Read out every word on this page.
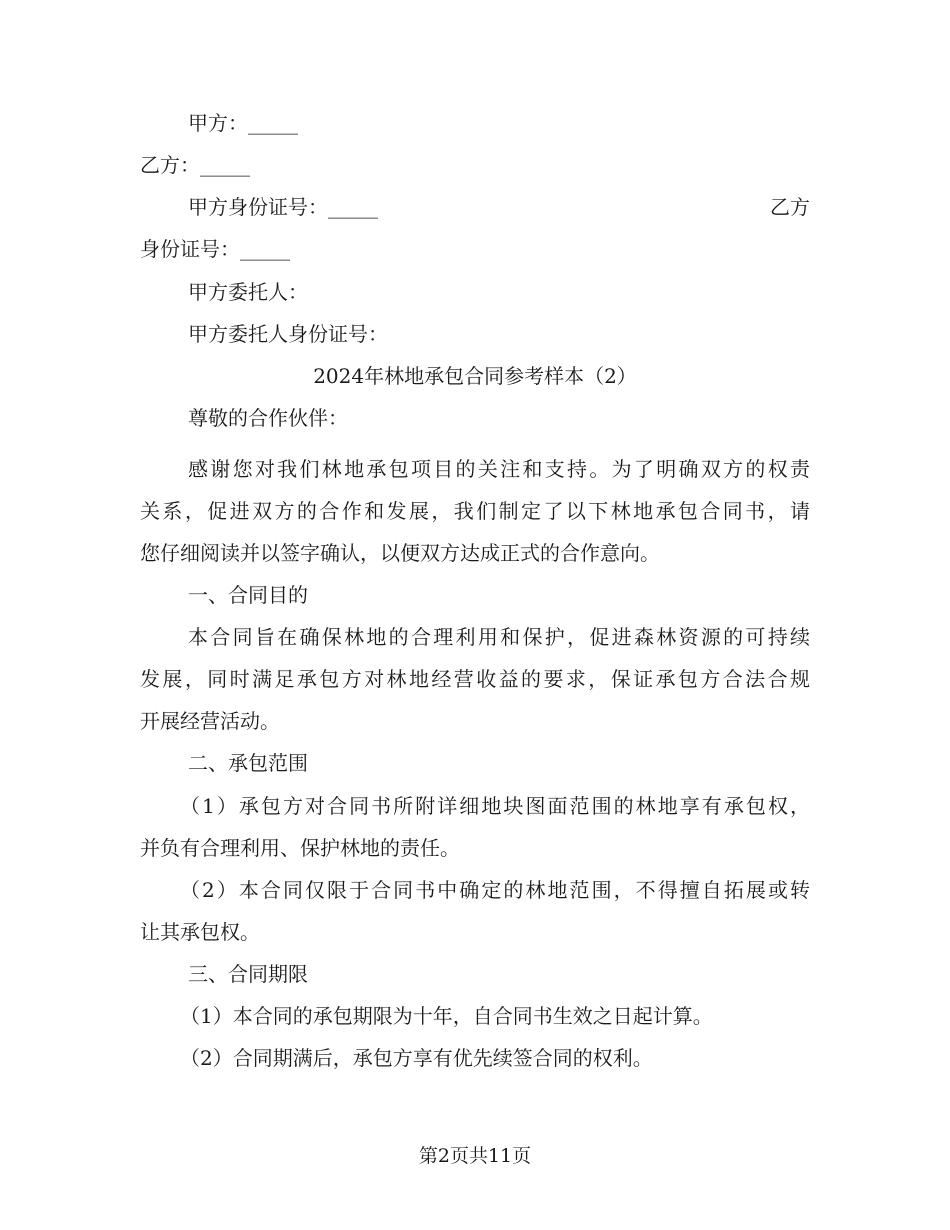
甲方：_____
乙方：_____
甲方身份证号：_____	乙方
身份证号：_____
甲方委托人：
甲方委托人身份证号：
2024年林地承包合同参考样本（2）
尊敬的合作伙伴：
感谢您对我们林地承包项目的关注和支持。为了明确双方的权责
关系，促进双方的合作和发展，我们制定了以下林地承包合同书，请
您仔细阅读并以签字确认，以便双方达成正式的合作意向。
一、合同目的
本合同旨在确保林地的合理利用和保护，促进森林资源的可持续
发展，同时满足承包方对林地经营收益的要求，保证承包方合法合规
开展经营活动。
二、承包范围
（1）承包方对合同书所附详细地块图面范围的林地享有承包权，
并负有合理利用、保护林地的责任。
（2）本合同仅限于合同书中确定的林地范围，不得擅自拓展或转
让其承包权。
三、合同期限
（1）本合同的承包期限为十年，自合同书生效之日起计算。
（2）合同期满后，承包方享有优先续签合同的权利。
第2页共11页
